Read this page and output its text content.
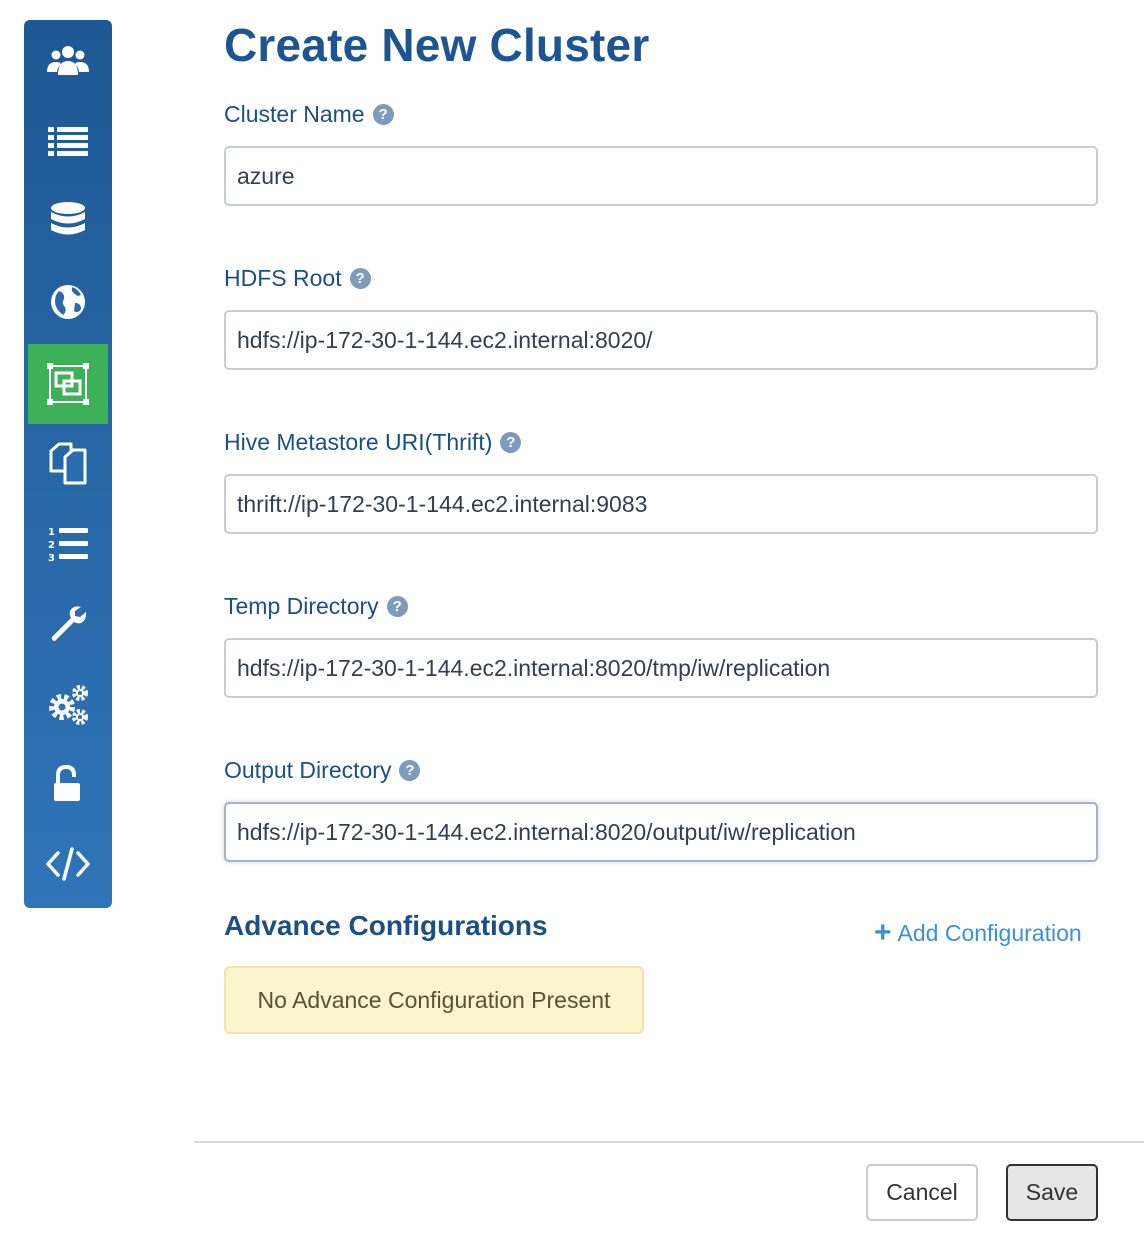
1
2
3
Create New Cluster
Cluster Name ?
azure
HDFS Root ?
hdfs://ip-172-30-1-144.ec2.internal:8020/
Hive Metastore URI(Thrift) ?
thrift://ip-172-30-1-144.ec2.internal:9083
Temp Directory ?
hdfs://ip-172-30-1-144.ec2.internal:8020/tmp/iw/replication
Output Directory ?
hdfs://ip-172-30-1-144.ec2.internal:8020/output/iw/replication
Advance Configurations	+ Add Configuration
No Advance Configuration Present
Cancel	Save
